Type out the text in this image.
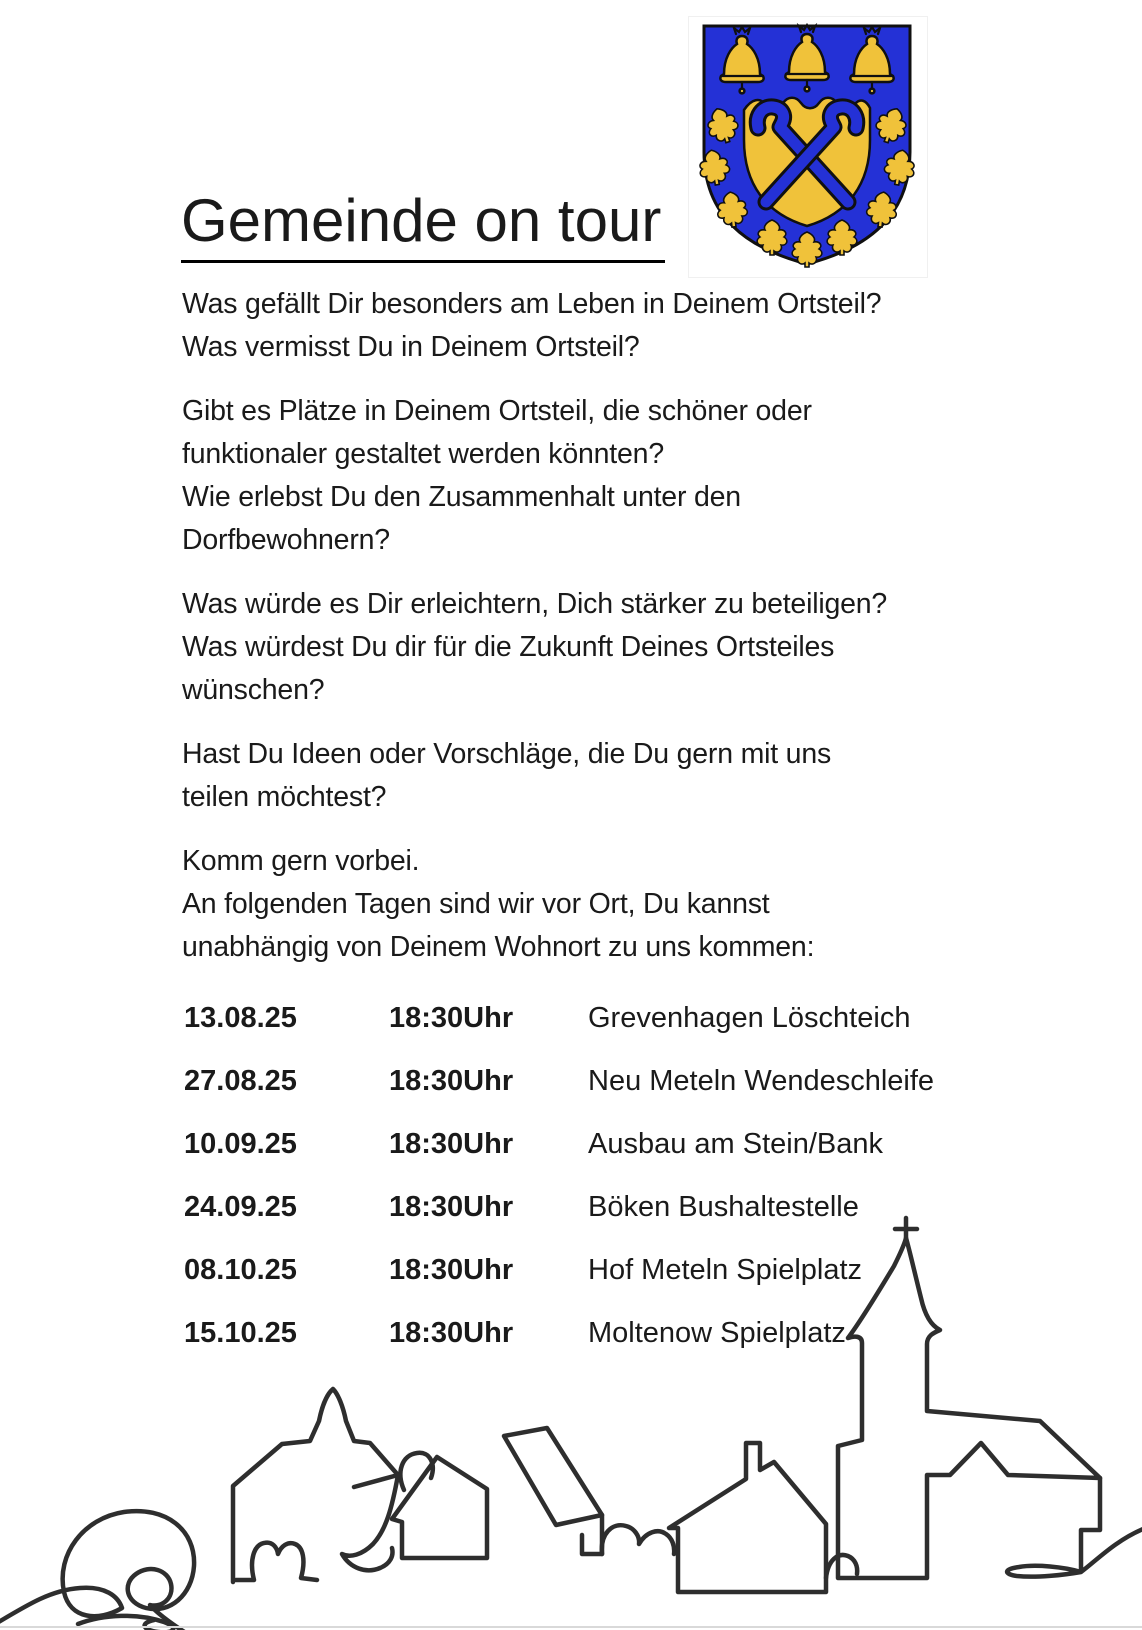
Gemeinde on tour
Was gefällt Dir besonders am Leben in Deinem Ortsteil?
Was vermisst Du in Deinem Ortsteil?
Gibt es Plätze in Deinem Ortsteil, die schöner oder
funktionaler gestaltet werden könnten?
Wie erlebst Du den Zusammenhalt unter den
Dorfbewohnern?
Was würde es Dir erleichtern, Dich stärker zu beteiligen?
Was würdest Du dir für die Zukunft Deines Ortsteiles
wünschen?
Hast Du Ideen oder Vorschläge, die Du gern mit uns
teilen möchtest?
Komm gern vorbei.
An folgenden Tagen sind wir vor Ort, Du kannst
unabhängig von Deinem Wohnort zu uns kommen:
13.08.25	18:30Uhr	Grevenhagen Löschteich
27.08.25	18:30Uhr	Neu Meteln Wendeschleife
10.09.25	18:30Uhr	Ausbau am Stein/Bank
24.09.25	18:30Uhr	Böken Bushaltestelle
08.10.25	18:30Uhr	Hof Meteln Spielplatz
15.10.25	18:30Uhr	Moltenow Spielplatz
